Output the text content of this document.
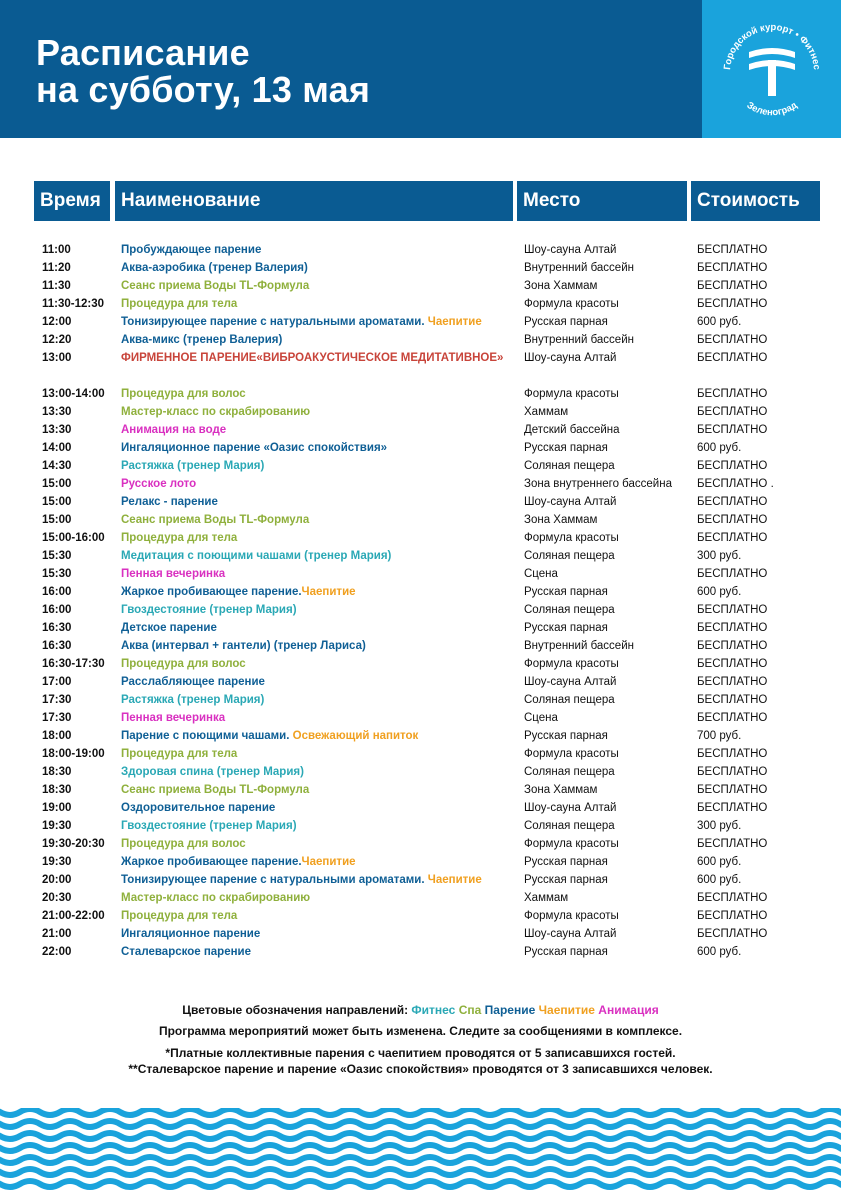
Расписание
на субботу, 13 мая
Городской курорт • Фитнес
Зеленоград
Время	Наименование	Место	Стоимость
11:00	Пробуждающее парение	Шоу-сауна Алтай	БЕСПЛАТНО
11:20	Аква-аэробика (тренер Валерия)	Внутренний бассейн	БЕСПЛАТНО
11:30	Сеанс приема Воды TL-Формула	Зона Хаммам	БЕСПЛАТНО
11:30-12:30 Процедура для тела	Формула красоты	БЕСПЛАТНО
12:00	Тонизирующее парение с натуральными ароматами. Чаепитие	Русская парная	600 руб.
12:20	Аква-микс (тренер Валерия)	Внутренний бассейн	БЕСПЛАТНО
13:00	ФИРМЕННОЕ ПАРЕНИЕ«ВИБРОАКУСТИЧЕСКОЕ МЕДИТАТИВНОЕ»	Шоу-сауна Алтай	БЕСПЛАТНО
13:00-14:00 Процедура для волос	Формула красоты	БЕСПЛАТНО
13:30	Мастер-класс по скрабированию	Хаммам	БЕСПЛАТНО
13:30	Анимация на воде	Детский бассейна	БЕСПЛАТНО
14:00	Ингаляционное парение «Оазис спокойствия»	Русская парная	600 руб.
14:30	Растяжка (тренер Мария)	Соляная пещера	БЕСПЛАТНО
15:00	Русское лото	Зона внутреннего бассейна БЕСПЛАТНО .
15:00	Релакс - парение	Шоу-сауна Алтай	БЕСПЛАТНО
15:00	Сеанс приема Воды TL-Формула	Зона Хаммам	БЕСПЛАТНО
15:00-16:00 Процедура для тела	Формула красоты	БЕСПЛАТНО
15:30	Медитация с поющими чашами (тренер Мария)	Соляная пещера	300 руб.
15:30	Пенная вечеринка	Сцена	БЕСПЛАТНО
16:00	Жаркое пробивающее парение.Чаепитие	Русская парная	600 руб.
16:00	Гвоздестояние (тренер Мария)	Соляная пещера	БЕСПЛАТНО
16:30	Детское парение	Русская парная	БЕСПЛАТНО
16:30	Аква (интервал + гантели) (тренер Лариса)	Внутренний бассейн	БЕСПЛАТНО
16:30-17:30 Процедура для волос	Формула красоты	БЕСПЛАТНО
17:00	Расслабляющее парение	Шоу-сауна Алтай	БЕСПЛАТНО
17:30	Растяжка (тренер Мария)	Соляная пещера	БЕСПЛАТНО
17:30	Пенная вечеринка	Сцена	БЕСПЛАТНО
18:00	Парение с поющими чашами. Освежающий напиток	Русская парная	700 руб.
18:00-19:00 Процедура для тела	Формула красоты	БЕСПЛАТНО
18:30	Здоровая спина (тренер Мария)	Соляная пещера	БЕСПЛАТНО
18:30	Сеанс приема Воды TL-Формула	Зона Хаммам	БЕСПЛАТНО
19:00	Оздоровительное парение	Шоу-сауна Алтай	БЕСПЛАТНО
19:30	Гвоздестояние (тренер Мария)	Соляная пещера	300 руб.
19:30-20:30 Процедура для волос	Формула красоты	БЕСПЛАТНО
19:30	Жаркое пробивающее парение.Чаепитие	Русская парная	600 руб.
20:00	Тонизирующее парение с натуральными ароматами. Чаепитие	Русская парная	600 руб.
20:30	Мастер-класс по скрабированию	Хаммам	БЕСПЛАТНО
21:00-22:00 Процедура для тела	Формула красоты	БЕСПЛАТНО
21:00	Ингаляционное парение	Шоу-сауна Алтай	БЕСПЛАТНО
22:00	Сталеварское парение	Русская парная	600 руб.
Цветовые обозначения направлений: Фитнес Спа Парение Чаепитие Анимация
Программа мероприятий может быть изменена. Следите за сообщениями в комплексе.
*Платные коллективные парения с чаепитием проводятся от 5 записавшихся гостей.
**Сталеварское парение и парение «Оазис спокойствия» проводятся от 3 записавшихся человек.
